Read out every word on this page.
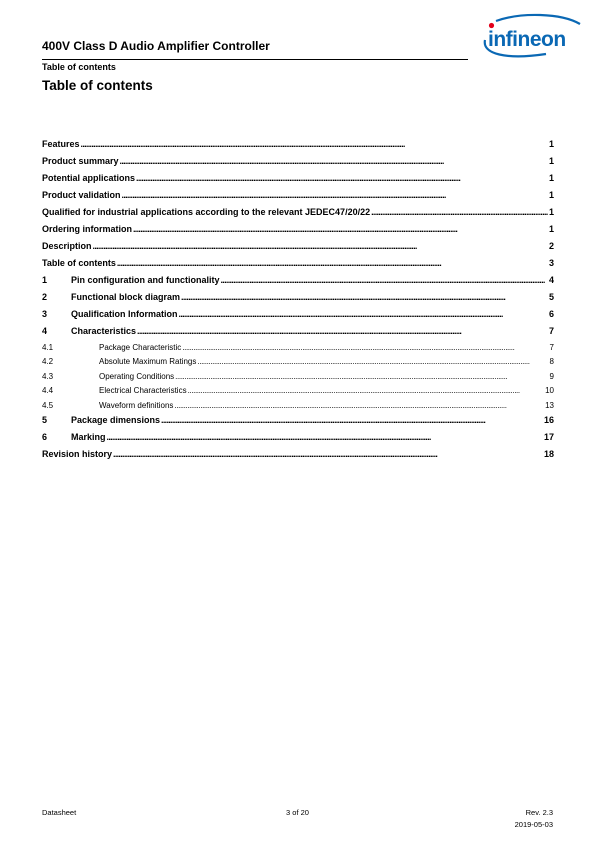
400V Class D Audio Amplifier Controller
Table of contents
infineon
Table of contents
Features . . .	1
Product summary . . .	1
Potential applications . . .	1
Product validation . . .	1
Qualified for industrial applications according to the relevant JEDEC47/20/22 . . .	1
Ordering information . . .	1
Description . . .	2
Table of contents . . .	3
1	Pin configuration and functionality . . .	4
2	Functional block diagram . . .	5
3	Qualification Information . . .	6
4	Characteristics . . .	7
4.1	Package Characteristic . . .	7
4.2	Absolute Maximum Ratings . . .	8
4.3	Operating Conditions . . .	9
4.4	Electrical Characteristics . . .	10
4.5	Waveform definitions . . .	13
5	Package dimensions . . .	16
6	Marking . . .	17
Revision history . . .	18
Datasheet	3 of 20	Rev. 2.3
2019-05-03
